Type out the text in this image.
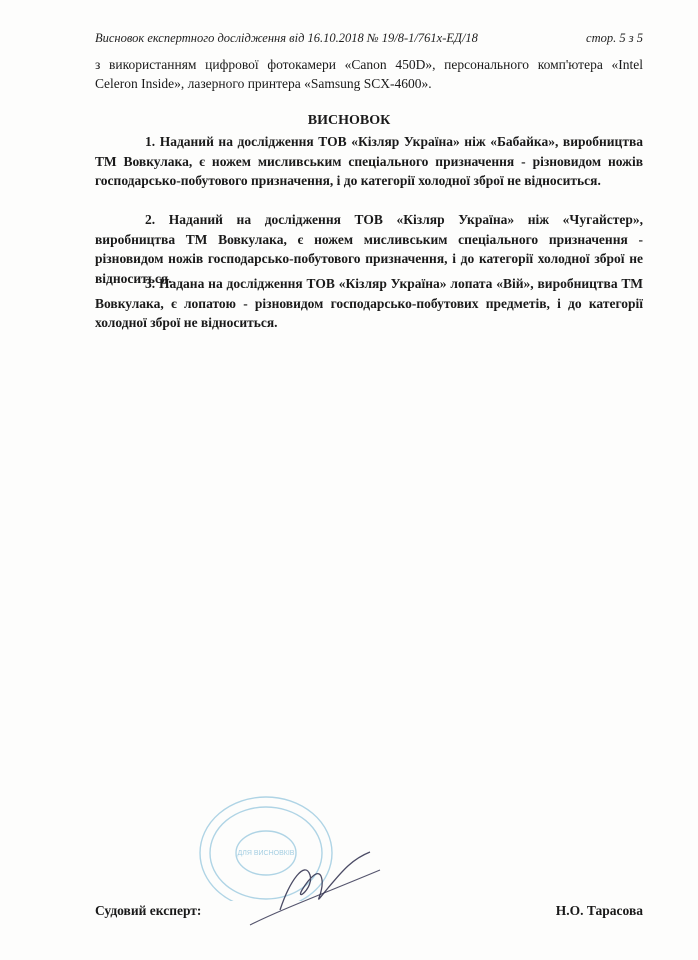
Висновок експертного дослідження від 16.10.2018 № 19/8-1/761х-ЕД/18	стор. 5 з 5
з використанням цифрової фотокамери «Canon 450D», персонального комп'ютера «Intel Celeron Inside», лазерного принтера «Samsung SCX-4600».
ВИСНОВОК
1. Наданий на дослідження ТОВ «Кізляр Україна» ніж «Бабайка», виробництва ТМ Вовкулака, є ножем мисливським спеціального призначення - різновидом ножів господарсько-побутового призначення, і до категорії холодної зброї не відноситься.
2. Наданий на дослідження ТОВ «Кізляр Україна» ніж «Чугайстер», виробництва ТМ Вовкулака, є ножем мисливським спеціального призначення - різновидом ножів господарсько-побутового призначення, і до категорії холодної зброї не відноситься.
3. Надана на дослідження ТОВ «Кізляр Україна» лопата «Вій», виробництва ТМ Вовкулака, є лопатою - різновидом господарсько-побутових предметів, і до категорії холодної зброї не відноситься.
ДЛЯ ВИСНОВКІВ
Судовий експерт:	Н.О. Тарасова
